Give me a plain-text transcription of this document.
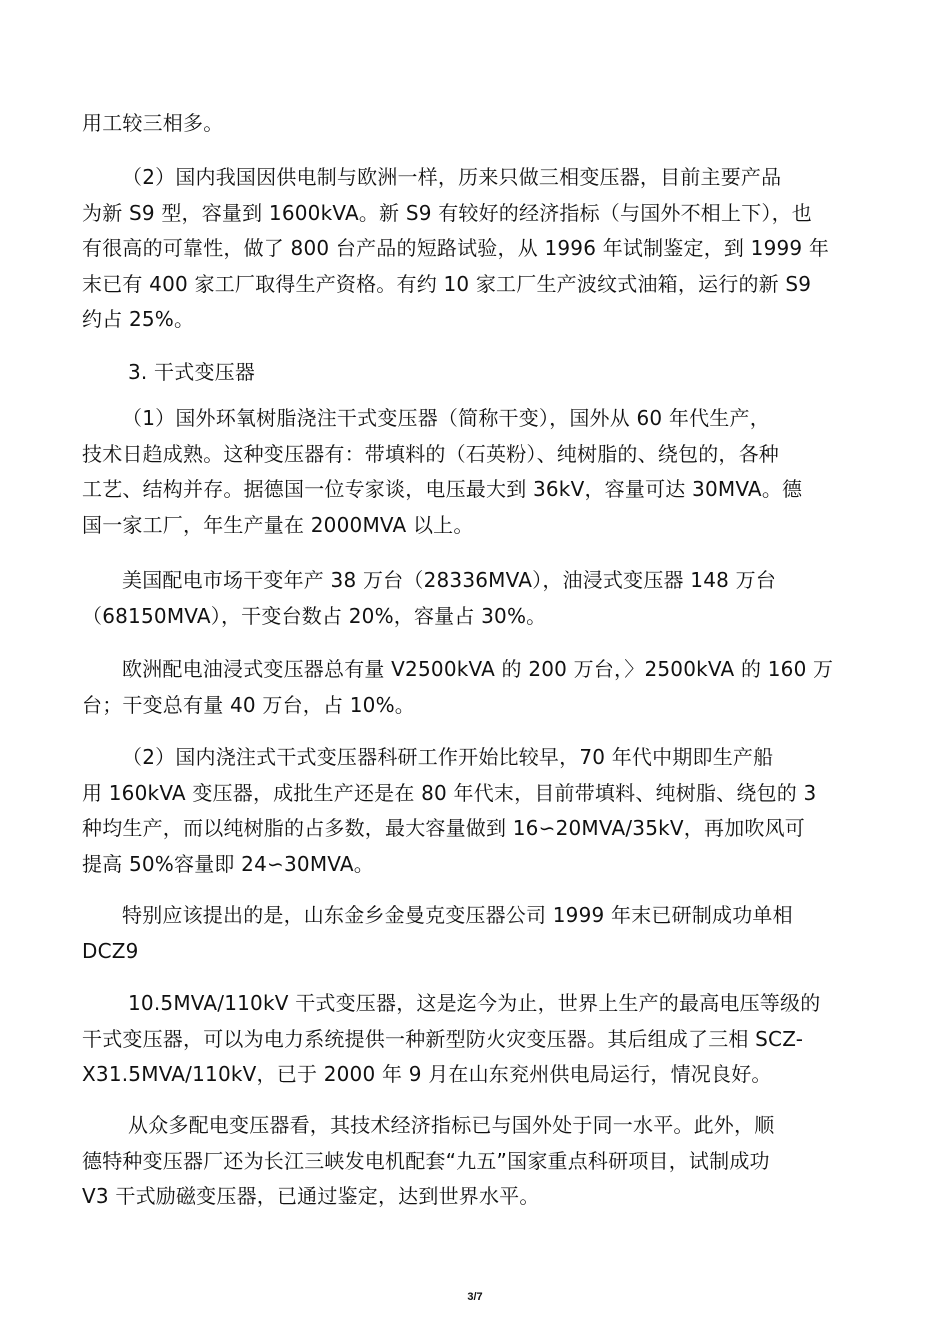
用工较三相多。

（2）国内我国因供电制与欧洲一样，历来只做三相变压器，目前主要产品
为新 S9 型，容量到 1600kVA。新 S9 有较好的经济指标（与国外不相上下），也
有很高的可靠性，做了 800 台产品的短路试验，从 1996 年试制鉴定，到 1999 年
末已有 400 家工厂取得生产资格。有约 10 家工厂生产波纹式油箱，运行的新 S9
约占 25%。

3. 干式变压器

（1）国外环氧树脂浇注干式变压器（简称干变），国外从 60 年代生产，
技术日趋成熟。这种变压器有：带填料的（石英粉）、纯树脂的、绕包的，各种
工艺、结构并存。据德国一位专家谈，电压最大到 36kV，容量可达 30MVA。德
国一家工厂，年生产量在 2000MVA 以上。

美国配电市场干变年产 38 万台（28336MVA），油浸式变压器 148 万台
（68150MVA），干变台数占 20%，容量占 30%。

欧洲配电油浸式变压器总有量 V2500kVA 的 200 万台，〉2500kVA 的 160 万
台；干变总有量 40 万台，占 10%。

（2）国内浇注式干式变压器科研工作开始比较早，70 年代中期即生产船
用 160kVA 变压器，成批生产还是在 80 年代末，目前带填料、纯树脂、绕包的 3
种均生产，而以纯树脂的占多数，最大容量做到 16∽20MVA/35kV，再加吹风可
提高 50%容量即 24∽30MVA。

特别应该提出的是，山东金乡金曼克变压器公司 1999 年末已研制成功单相
DCZ9

10.5MVA/110kV 干式变压器，这是迄今为止，世界上生产的最高电压等级的
干式变压器，可以为电力系统提供一种新型防火灾变压器。其后组成了三相 SCZ-
X31.5MVA/110kV，已于 2000 年 9 月在山东兖州供电局运行，情况良好。

从众多配电变压器看，其技术经济指标已与国外处于同一水平。此外，顺
德特种变压器厂还为长江三峡发电机配套“九五”国家重点科研项目，试制成功
V3 干式励磁变压器，已通过鉴定，达到世界水平。

3/7
